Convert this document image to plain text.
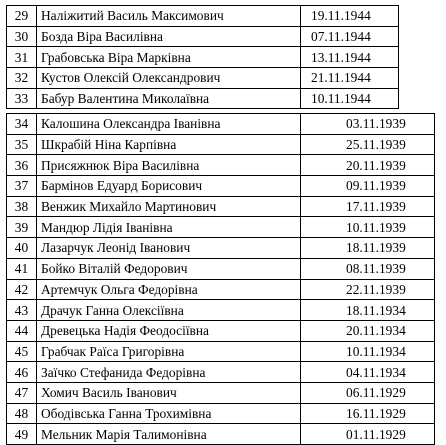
29	Наліжитий Василь Максимович	19.11.1944
30	Бозда Віра Василівна	07.11.1944
31	Грабовська Віра Марківна	13.11.1944
32	Кустов Олексій Олександрович	21.11.1944
33	Бабур Валентина Миколаївна	10.11.1944
34	Калошина Олександра Іванівна	03.11.1939
35	Шкрабій Ніна Карпівна	25.11.1939
36	Присяжнюк Віра Василівна	20.11.1939
37	Бармінов Едуард Борисович	09.11.1939
38	Венжик Михайло Мартинович	17.11.1939
39	Мандюр Лідія Іванівна	10.11.1939
40	Лазарчук Леонід Іванович	18.11.1939
41	Бойко Віталій Федорович	08.11.1939
42	Артемчук Ольга Федорівна	22.11.1939
43	Драчук Ганна Олексіївна	18.11.1934
44	Древецька Надія Феодосіївна	20.11.1934
45	Грабчак Раїса Григорівна	10.11.1934
46	Заїчко Стефанида Федорівна	04.11.1934
47	Хомич Василь Іванович	06.11.1929
48	Ободівська Ганна Трохимівна	16.11.1929
49	Мельник Марія Талимонівна	01.11.1929
